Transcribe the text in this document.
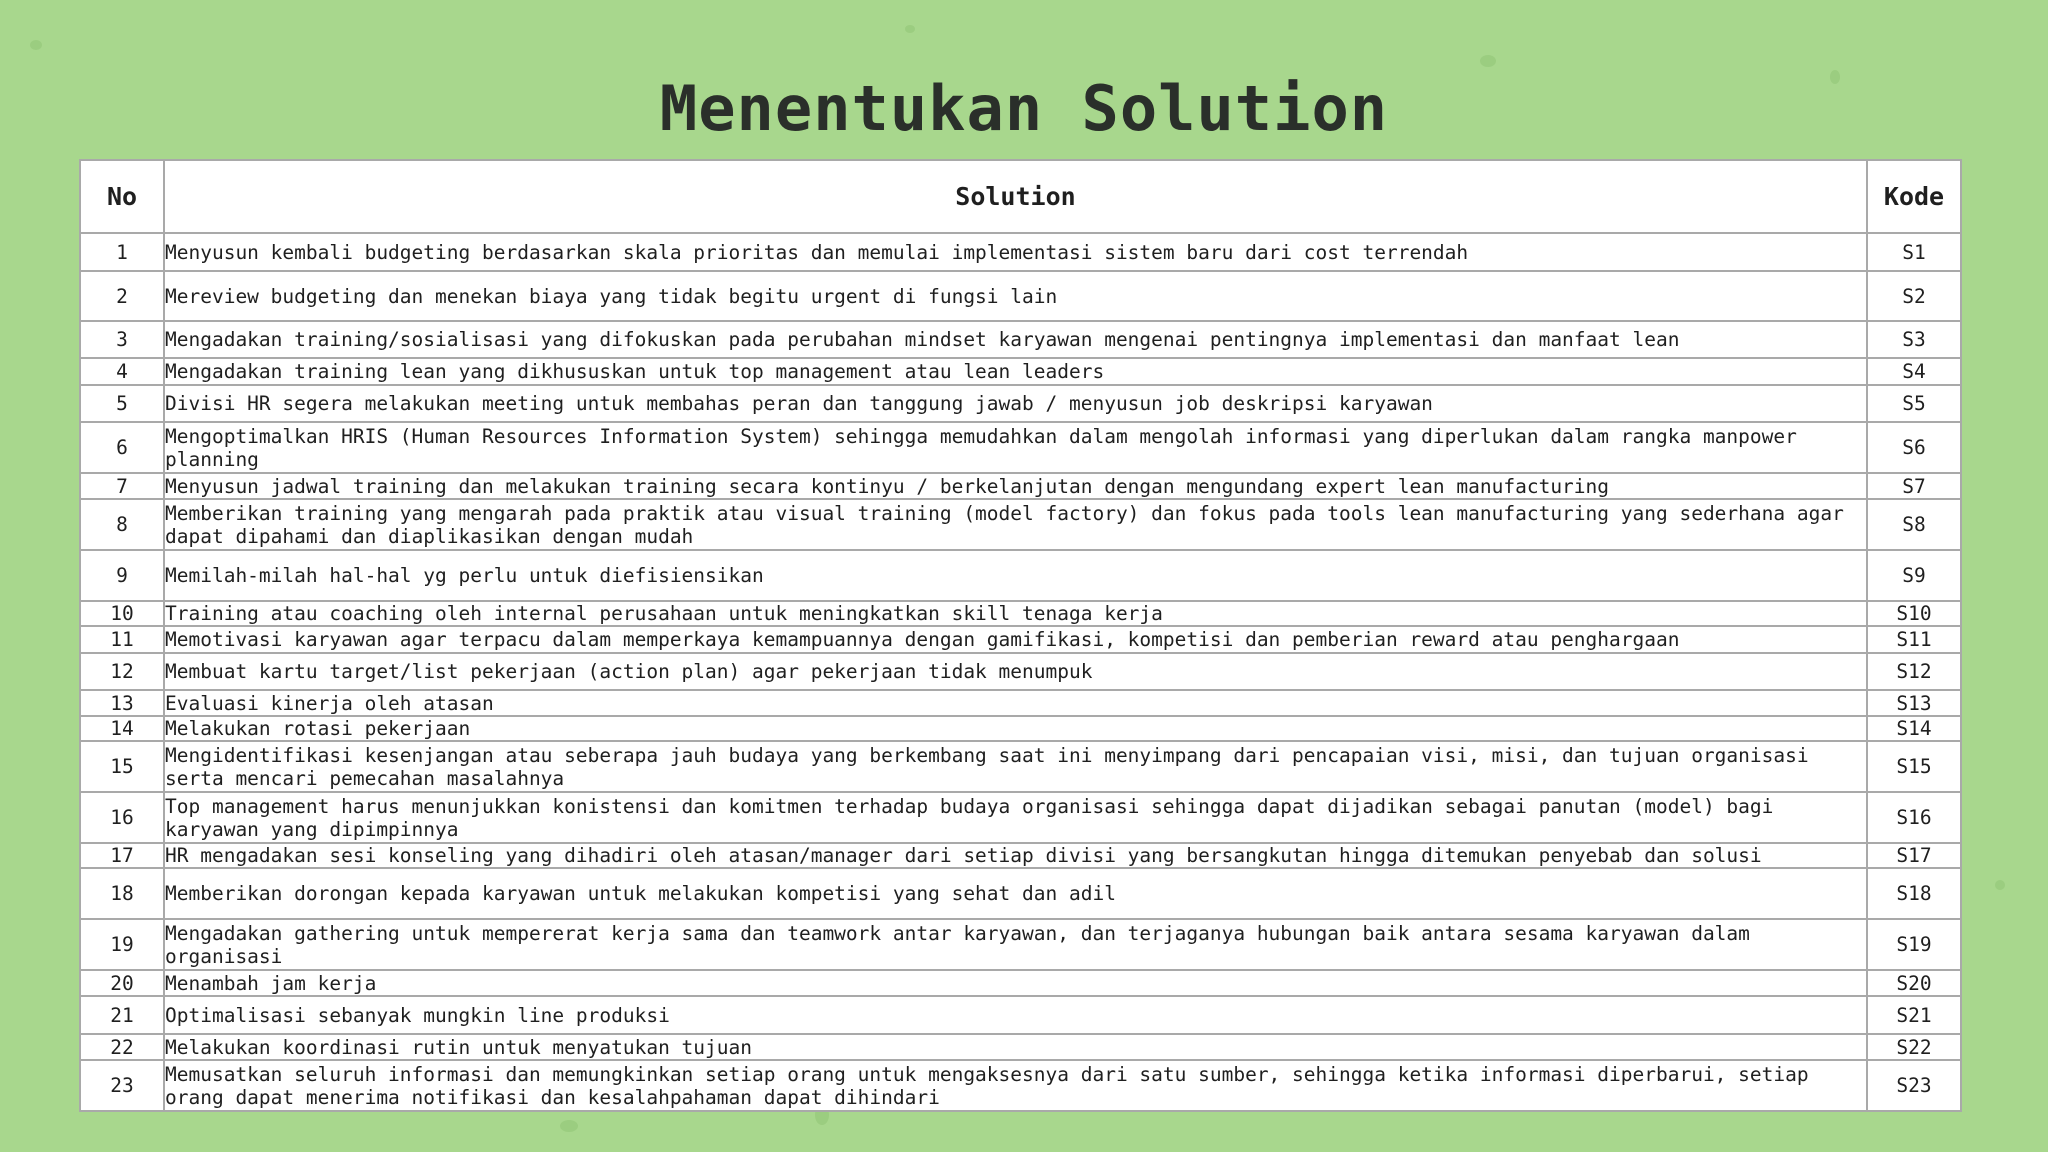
Menentukan Solution
No	Solution	Kode
1	Menyusun kembali budgeting berdasarkan skala prioritas dan memulai implementasi sistem baru dari cost terrendah	S1
2	Mereview budgeting dan menekan biaya yang tidak begitu urgent di fungsi lain	S2
3	Mengadakan training/sosialisasi yang difokuskan pada perubahan mindset karyawan mengenai pentingnya implementasi dan manfaat lean	S3
4	Mengadakan training lean yang dikhususkan untuk top management atau lean leaders	S4
5	Divisi HR segera melakukan meeting untuk membahas peran dan tanggung jawab / menyusun job deskripsi karyawan	S5
6	Mengoptimalkan HRIS (Human Resources Information System) sehingga memudahkan dalam mengolah informasi yang diperlukan dalam rangka manpower planning	S6
7	Menyusun jadwal training dan melakukan training secara kontinyu / berkelanjutan dengan mengundang expert lean manufacturing	S7
8	Memberikan training yang mengarah pada praktik atau visual training (model factory) dan fokus pada tools lean manufacturing yang sederhana agar dapat dipahami dan diaplikasikan dengan mudah	S8
9	Memilah-milah hal-hal yg perlu untuk diefisiensikan	S9
10	Training atau coaching oleh internal perusahaan untuk meningkatkan skill tenaga kerja	S10
11	Memotivasi karyawan agar terpacu dalam memperkaya kemampuannya dengan gamifikasi, kompetisi dan pemberian reward atau penghargaan	S11
12	Membuat kartu target/list pekerjaan (action plan) agar pekerjaan tidak menumpuk	S12
13	Evaluasi kinerja oleh atasan	S13
14	Melakukan rotasi pekerjaan	S14
15	Mengidentifikasi kesenjangan atau seberapa jauh budaya yang berkembang saat ini menyimpang dari pencapaian visi, misi, dan tujuan organisasi serta mencari pemecahan masalahnya	S15
16	Top management harus menunjukkan konistensi dan komitmen terhadap budaya organisasi sehingga dapat dijadikan sebagai panutan (model) bagi karyawan yang dipimpinnya	S16
17	HR mengadakan sesi konseling yang dihadiri oleh atasan/manager dari setiap divisi yang bersangkutan hingga ditemukan penyebab dan solusi	S17
18	Memberikan dorongan kepada karyawan untuk melakukan kompetisi yang sehat dan adil	S18
19	Mengadakan gathering untuk mempererat kerja sama dan teamwork antar karyawan, dan terjaganya hubungan baik antara sesama karyawan dalam organisasi	S19
20	Menambah jam kerja	S20
21	Optimalisasi sebanyak mungkin line produksi	S21
22	Melakukan koordinasi rutin untuk menyatukan tujuan	S22
23	Memusatkan seluruh informasi dan memungkinkan setiap orang untuk mengaksesnya dari satu sumber, sehingga ketika informasi diperbarui, setiap orang dapat menerima notifikasi dan kesalahpahaman dapat dihindari	S23
